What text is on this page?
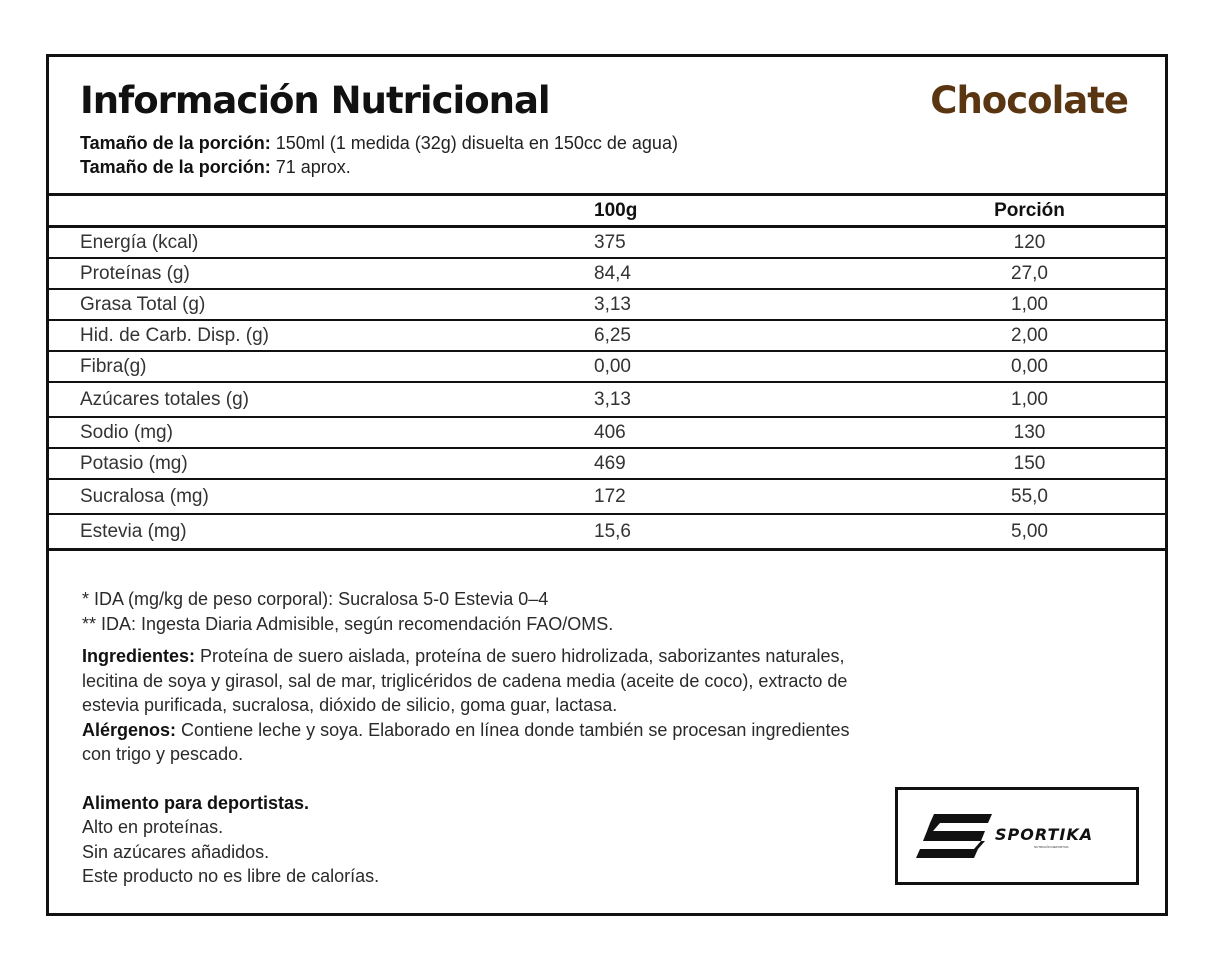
Información Nutricional	Chocolate
Tamaño de la porción: 150ml (1 medida (32g) disuelta en 150cc de agua)
Tamaño de la porción: 71 aprox.
	100g	Porción
Energía (kcal)	375	120
Proteínas (g)	84,4	27,0
Grasa Total (g)	3,13	1,00
Hid. de Carb. Disp. (g)	6,25	2,00
Fibra(g)	0,00	0,00
Azúcares totales (g)	3,13	1,00
Sodio (mg)	406	130
Potasio (mg)	469	150
Sucralosa (mg)	172	55,0
Estevia (mg)	15,6	5,00

* IDA (mg/kg de peso corporal): Sucralosa 5-0 Estevia 0–4

** IDA: Ingesta Diaria Admisible, según recomendación FAO/OMS.

Ingredientes: Proteína de suero aislada, proteína de suero hidrolizada, saborizantes naturales, lecitina de soya y girasol, sal de mar, triglicéridos de cadena media (aceite de coco), extracto de estevia purificada, sucralosa, dióxido de silicio, goma guar, lactasa.

Alérgenos: Contiene leche y soya. Elaborado en línea donde también se procesan ingredientes con trigo y pescado.

Alimento para deportistas.

Alto en proteínas.

Sin azúcares añadidos.

Este producto no es libre de calorías.

SPORTIKA
NUTRICIÓN DEPORTIVA
